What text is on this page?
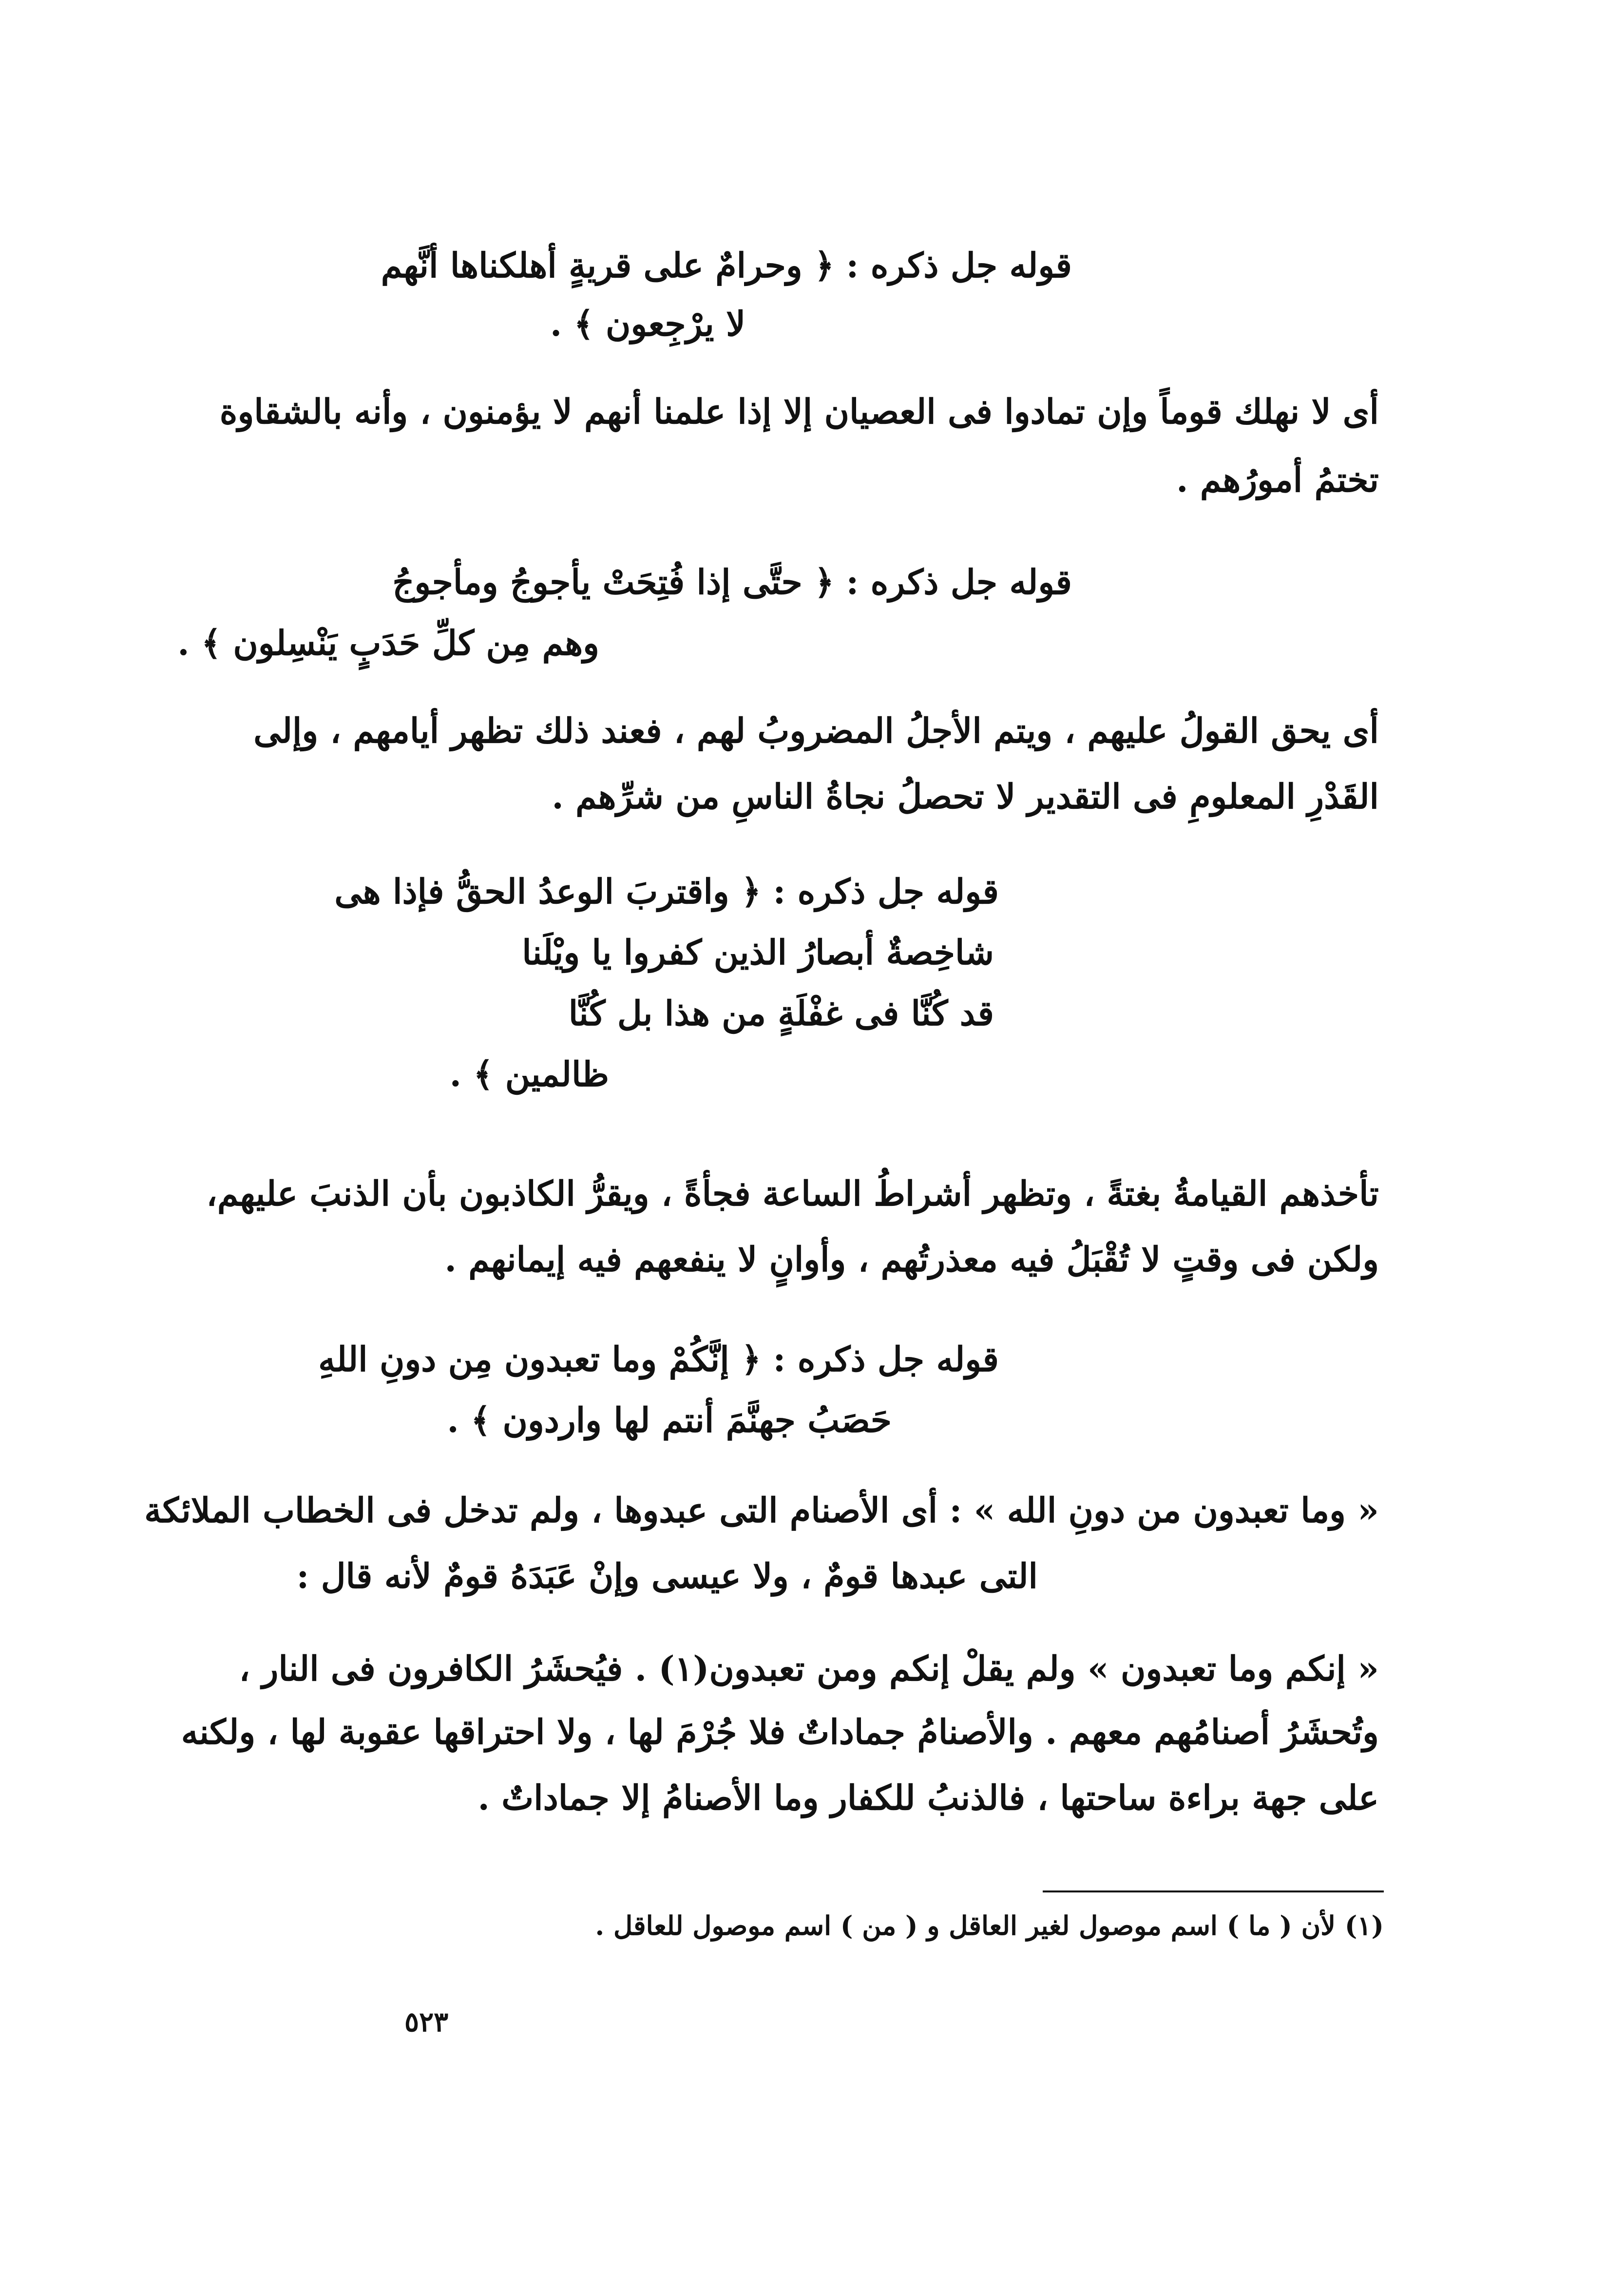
قوله جل ذكره : ﴿ وحرامٌ على قريةٍ أهلكناها أنَّهم
لا يرْجِعون ﴾ .
أى لا نهلك قوماً وإن تمادوا فى العصيان إلا إذا علمنا أنهم لا يؤمنون ، وأنه بالشقاوة
تختمُ أمورُهم .
قوله جل ذكره : ﴿ حتَّى إذا فُتِحَتْ يأجوجُ ومأجوجُ
وهم مِن كلِّ حَدَبٍ يَنْسِلون ﴾ .
أى يحق القولُ عليهم ، ويتم الأجلُ المضروبُ لهم ، فعند ذلك تظهر أيامهم ، وإلى
القَدْرِ المعلومِ فى التقدير لا تحصلُ نجاةُ الناسِ من شرِّهم .
قوله جل ذكره : ﴿ واقتربَ الوعدُ الحقُّ فإذا هى
شاخِصةٌ أبصارُ الذين كفروا يا ويْلَنا
قد كُنَّا فى غفْلَةٍ من هذا بل كُنَّا
ظالمين ﴾ .
تأخذهم القيامةُ بغتةً ، وتظهر أشراطُ الساعة فجأةً ، ويقرُّ الكاذبون بأن الذنبَ عليهم،
ولكن فى وقتٍ لا تُقْبَلُ فيه معذرتُهم ، وأوانٍ لا ينفعهم فيه إيمانهم .
قوله جل ذكره : ﴿ إنَّكُمْ وما تعبدون مِن دونِ اللهِ
حَصَبُ جهنَّمَ أنتم لها واردون ﴾ .
« وما تعبدون من دونِ الله » : أى الأصنام التى عبدوها ، ولم تدخل فى الخطاب الملائكة
التى عبدها قومٌ ، ولا عيسى وإنْ عَبَدَهُ قومٌ لأنه قال :
« إنكم وما تعبدون » ولم يقلْ إنكم ومن تعبدون(١) . فيُحشَرُ الكافرون فى النار ،
وتُحشَرُ أصنامُهم معهم . والأصنامُ جماداتٌ فلا جُرْمَ لها ، ولا احتراقها عقوبة لها ، ولكنه
على جهة براءة ساحتها ، فالذنبُ للكفار وما الأصنامُ إلا جماداتٌ .
(١) لأن ( ما ) اسم موصول لغير العاقل و ( من ) اسم موصول للعاقل .
٥٢٣
